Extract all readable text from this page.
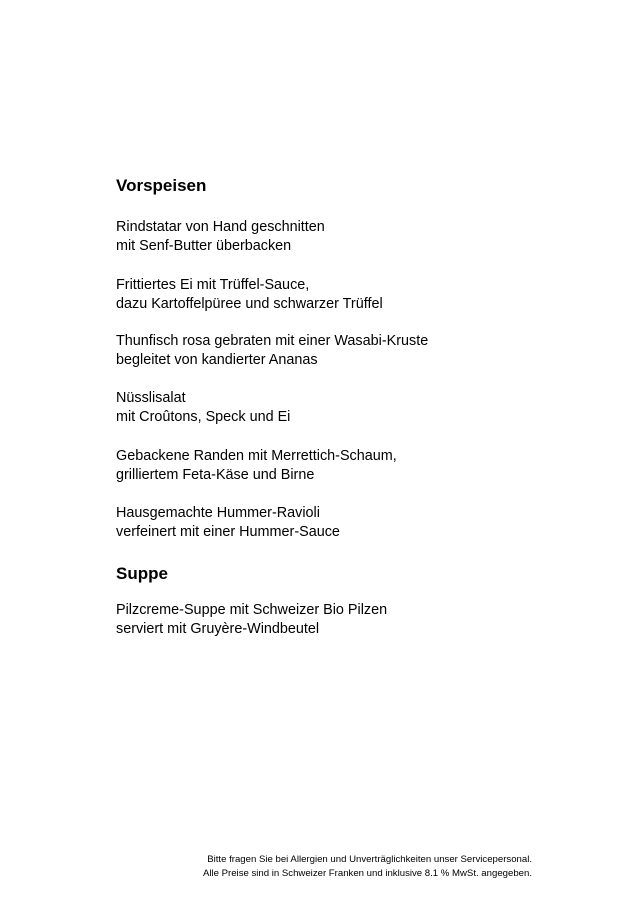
Vorspeisen
Rindstatar von Hand geschnitten
mit Senf-Butter überbacken
Frittiertes Ei mit Trüffel-Sauce,
dazu Kartoffelpüree und schwarzer Trüffel
Thunfisch rosa gebraten mit einer Wasabi-Kruste
begleitet von kandierter Ananas
Nüsslisalat
mit Croûtons, Speck und Ei
Gebackene Randen mit Merrettich-Schaum,
grilliertem Feta-Käse und Birne
Hausgemachte Hummer-Ravioli
verfeinert mit einer Hummer-Sauce
Suppe
Pilzcreme-Suppe mit Schweizer Bio Pilzen
serviert mit Gruyère-Windbeutel
Bitte fragen Sie bei Allergien und Unverträglichkeiten unser Servicepersonal.
Alle Preise sind in Schweizer Franken und inklusive 8.1 % MwSt. angegeben.
